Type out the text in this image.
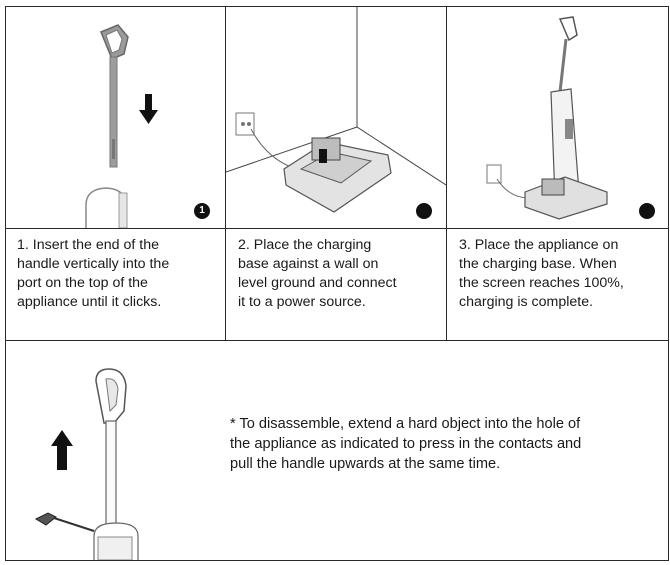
1
1. Insert the end of the
handle vertically into the
port on the top of the
appliance until it clicks.
2. Place the charging
base against a wall on
level ground and connect
it to a power source.
3. Place the appliance on
the charging base. When
the screen reaches 100%,
charging is complete.
* To disassemble, extend a hard object into the hole of
the appliance as indicated to press in the contacts and
pull the handle upwards at the same time.
